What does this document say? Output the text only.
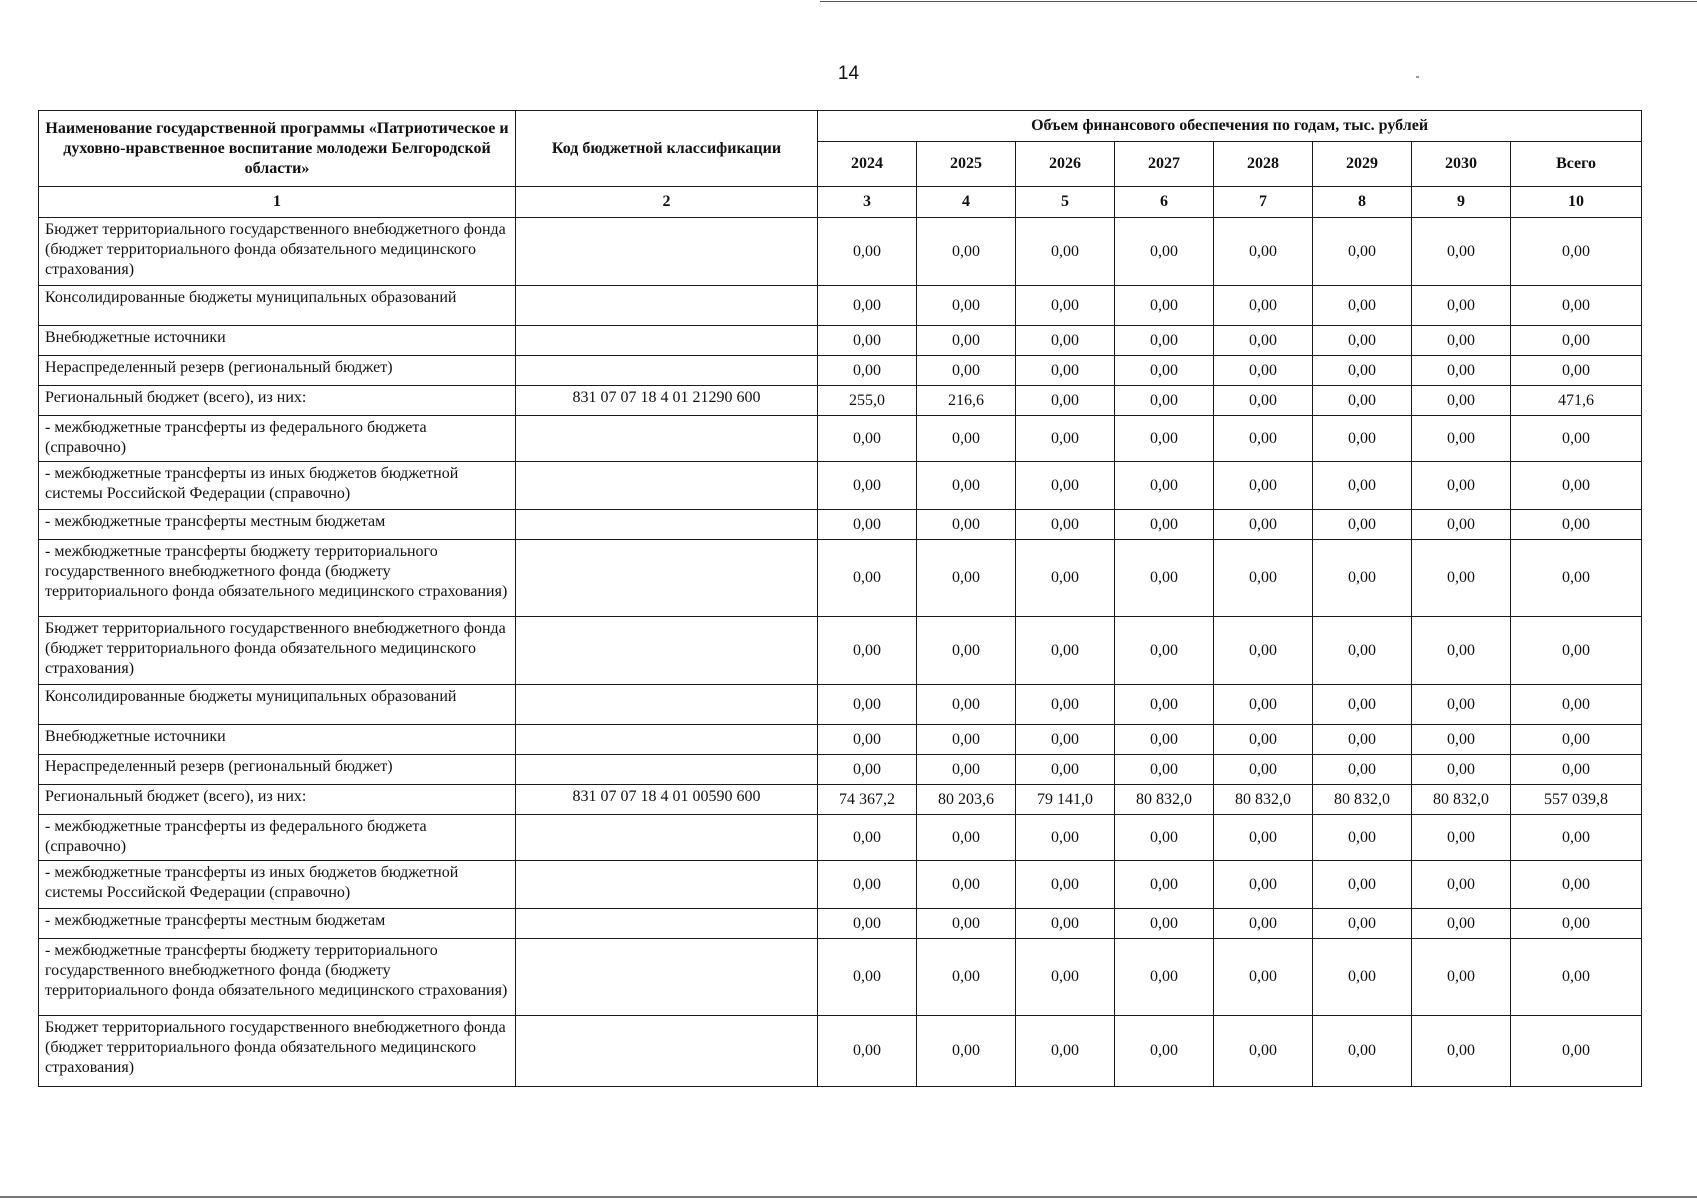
14
Наименование государственной программы «Патриотическое и духовно-нравственное воспитание молодежи Белгородской области»	Код бюджетной классификации	Объем финансового обеспечения по годам, тыс. рублей							
		2024	2025	2026	2027	2028	2029	2030	Всего
1	2	3	4	5	6	7	8	9	10
Бюджет территориального государственного внебюджетного фонда (бюджет территориального фонда обязательного медицинского страхования)		0,00	0,00	0,00	0,00	0,00	0,00	0,00	0,00
Консолидированные бюджеты муниципальных образований		0,00	0,00	0,00	0,00	0,00	0,00	0,00	0,00
Внебюджетные источники		0,00	0,00	0,00	0,00	0,00	0,00	0,00	0,00
Нераспределенный резерв (региональный бюджет)		0,00	0,00	0,00	0,00	0,00	0,00	0,00	0,00
Региональный бюджет (всего), из них:	831 07 07 18 4 01 21290 600	255,0	216,6	0,00	0,00	0,00	0,00	0,00	471,6
- межбюджетные трансферты из федерального бюджета (справочно)		0,00	0,00	0,00	0,00	0,00	0,00	0,00	0,00
- межбюджетные трансферты из иных бюджетов бюджетной системы Российской Федерации (справочно)		0,00	0,00	0,00	0,00	0,00	0,00	0,00	0,00
- межбюджетные трансферты местным бюджетам		0,00	0,00	0,00	0,00	0,00	0,00	0,00	0,00
- межбюджетные трансферты бюджету территориального государственного внебюджетного фонда (бюджету территориального фонда обязательного медицинского страхования)		0,00	0,00	0,00	0,00	0,00	0,00	0,00	0,00
Бюджет территориального государственного внебюджетного фонда (бюджет территориального фонда обязательного медицинского страхования)		0,00	0,00	0,00	0,00	0,00	0,00	0,00	0,00
Консолидированные бюджеты муниципальных образований		0,00	0,00	0,00	0,00	0,00	0,00	0,00	0,00
Внебюджетные источники		0,00	0,00	0,00	0,00	0,00	0,00	0,00	0,00
Нераспределенный резерв (региональный бюджет)		0,00	0,00	0,00	0,00	0,00	0,00	0,00	0,00
Региональный бюджет (всего), из них:	831 07 07 18 4 01 00590 600	74 367,2	80 203,6	79 141,0	80 832,0	80 832,0	80 832,0	80 832,0	557 039,8
- межбюджетные трансферты из федерального бюджета (справочно)		0,00	0,00	0,00	0,00	0,00	0,00	0,00	0,00
- межбюджетные трансферты из иных бюджетов бюджетной системы Российской Федерации (справочно)		0,00	0,00	0,00	0,00	0,00	0,00	0,00	0,00
- межбюджетные трансферты местным бюджетам		0,00	0,00	0,00	0,00	0,00	0,00	0,00	0,00
- межбюджетные трансферты бюджету территориального государственного внебюджетного фонда (бюджету территориального фонда обязательного медицинского страхования)		0,00	0,00	0,00	0,00	0,00	0,00	0,00	0,00
Бюджет территориального государственного внебюджетного фонда (бюджет территориального фонда обязательного медицинского страхования)		0,00	0,00	0,00	0,00	0,00	0,00	0,00	0,00
